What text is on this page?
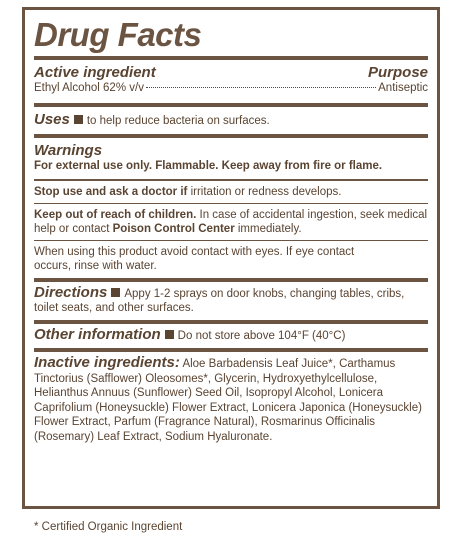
Drug Facts
Active ingredient	Purpose
Ethyl Alcohol 62% v/v	Antiseptic
Uses to help reduce bacteria on surfaces.
Warnings
For external use only. Flammable. Keep away from fire or flame.
Stop use and ask a doctor if irritation or redness develops.
Keep out of reach of children. In case of accidental ingestion, seek medical help or contact Poison Control Center immediately.
When using this product avoid contact with eyes. If eye contact occurs, rinse with water.
Directions Appy 1-2 sprays on door knobs, changing tables, cribs, toilet seats, and other surfaces.
Other information Do not store above 104°F (40°C)
Inactive ingredients: Aloe Barbadensis Leaf Juice*, Carthamus Tinctorius (Safflower) Oleosomes*, Glycerin, Hydroxyethylcellulose, Helianthus Annuus (Sunflower) Seed Oil, Isopropyl Alcohol, Lonicera Caprifolium (Honeysuckle) Flower Extract, Lonicera Japonica (Honeysuckle) Flower Extract, Parfum (Fragrance Natural), Rosmarinus Officinalis (Rosemary) Leaf Extract, Sodium Hyaluronate.
* Certified Organic Ingredient
